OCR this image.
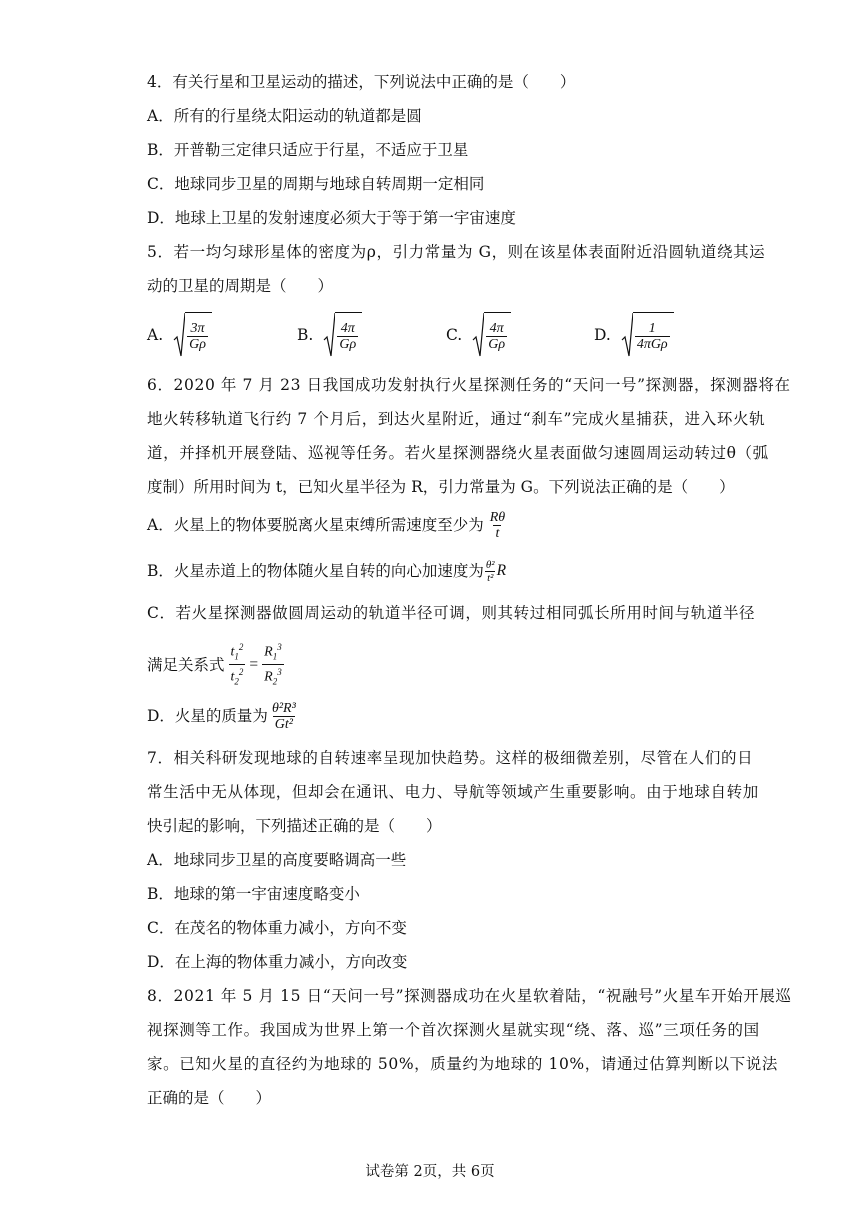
4．有关行星和卫星运动的描述，下列说法中正确的是（　　）
A．所有的行星绕太阳运动的轨道都是圆
B．开普勒三定律只适应于行星，不适应于卫星
C．地球同步卫星的周期与地球自转周期一定相同
D．地球上卫星的发射速度必须大于等于第一宇宙速度
5．若一均匀球形星体的密度为ρ，引力常量为 G，则在该星体表面附近沿圆轨道绕其运
动的卫星的周期是（　　）
A. $\frac{3\pi}{G\rho}$	B. $\frac{4\pi}{G\rho}$	C. $\frac{4\pi}{G\rho}$	D. $\frac{1}{\text{4πGρ}}$
6．2020 年 7 月 23 日我国成功发射执行火星探测任务的“天问一号”探测器，探测器将在
地火转移轨道飞行约 7 个月后，到达火星附近，通过“刹车”完成火星捕获，进入环火轨
道，并择机开展登陆、巡视等任务。若火星探测器绕火星表面做匀速圆周运动转过θ（弧
度制）所用时间为 t，已知火星半径为 R，引力常量为 G。下列说法正确的是（　　）
A．火星上的物体要脱离火星束缚所需速度至少为 $\frac{R\theta}{t}$
B．火星赤道上的物体随火星自转的向心加速度为 $\frac{\text{θ²}}{\text{t²}}$ R
C．若火星探测器做圆周运动的轨道半径可调，则其转过相同弧长所用时间与轨道半径
满足关系式 $\frac{t_1^2}{t_2^2} = \frac{R_1^3}{R_2^3}$
D．火星的质量为 $\frac{\text{θ²R³}}{\text{Gt²}}$
7．相关科研发现地球的自转速率呈现加快趋势。这样的极细微差别，尽管在人们的日
常生活中无从体现，但却会在通讯、电力、导航等领域产生重要影响。由于地球自转加
快引起的影响，下列描述正确的是（　　）
A．地球同步卫星的高度要略调高一些
B．地球的第一宇宙速度略变小
C．在茂名的物体重力减小，方向不变
D．在上海的物体重力减小，方向改变
8．2021 年 5 月 15 日“天问一号”探测器成功在火星软着陆，“祝融号”火星车开始开展巡
视探测等工作。我国成为世界上第一个首次探测火星就实现“绕、落、巡”三项任务的国
家。已知火星的直径约为地球的 50%，质量约为地球的 10%，请通过估算判断以下说法
正确的是（　　）
试卷第 2页，共 6页
